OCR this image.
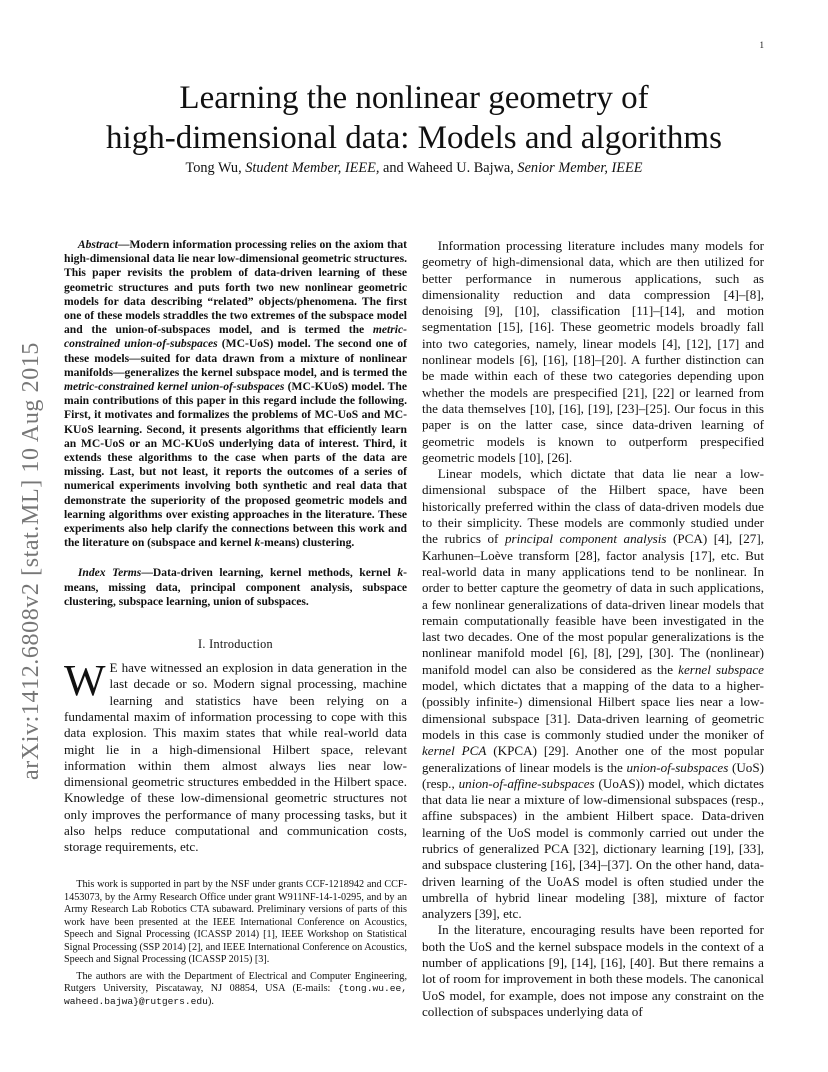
1
arXiv:1412.6808v2 [stat.ML] 10 Aug 2015
Learning the nonlinear geometry of
high-dimensional data: Models and algorithms
Tong Wu, Student Member, IEEE, and Waheed U. Bajwa, Senior Member, IEEE

Abstract—Modern information processing relies on the axiom that high-dimensional data lie near low-dimensional geometric structures. This paper revisits the problem of data-driven learning of these geometric structures and puts forth two new nonlinear geometric models for data describing “related” objects/phenomena. The first one of these models straddles the two extremes of the subspace model and the union-of-subspaces model, and is termed the metric-constrained union-of-subspaces (MC-UoS) model. The second one of these models—suited for data drawn from a mixture of nonlinear manifolds—generalizes the kernel subspace model, and is termed the metric-constrained kernel union-of-subspaces (MC-KUoS) model. The main contributions of this paper in this regard include the following. First, it motivates and formalizes the problems of MC-UoS and MC-KUoS learning. Second, it presents algorithms that efficiently learn an MC-UoS or an MC-KUoS underlying data of interest. Third, it extends these algorithms to the case when parts of the data are missing. Last, but not least, it reports the outcomes of a series of numerical experiments involving both synthetic and real data that demonstrate the superiority of the proposed geometric models and learning algorithms over existing approaches in the literature. These experiments also help clarify the connections between this work and the literature on (subspace and kernel k-means) clustering.

Index Terms—Data-driven learning, kernel methods, kernel k-means, missing data, principal component analysis, subspace clustering, subspace learning, union of subspaces.

I. Introduction

W E have witnessed an explosion in data generation in the last decade or so. Modern signal processing, machine learning and statistics have been relying on a fundamental maxim of information processing to cope with this data explosion. This maxim states that while real-world data might lie in a high-dimensional Hilbert space, relevant information within them almost always lies near low-dimensional geometric structures embedded in the Hilbert space. Knowledge of these low-dimensional geometric structures not only improves the performance of many processing tasks, but it also helps reduce computational and communication costs, storage requirements, etc.

This work is supported in part by the NSF under grants CCF-1218942 and CCF-1453073, by the Army Research Office under grant W911NF-14-1-0295, and by an Army Research Lab Robotics CTA subaward. Preliminary versions of parts of this work have been presented at the IEEE International Conference on Acoustics, Speech and Signal Processing (ICASSP 2014) [1], IEEE Workshop on Statistical Signal Processing (SSP 2014) [2], and IEEE International Conference on Acoustics, Speech and Signal Processing (ICASSP 2015) [3].

The authors are with the Department of Electrical and Computer Engineering, Rutgers University, Piscataway, NJ 08854, USA (E-mails: {tong.wu.ee, waheed.bajwa}@rutgers.edu).

Information processing literature includes many models for geometry of high-dimensional data, which are then utilized for better performance in numerous applications, such as dimensionality reduction and data compression [4]–[8], denoising [9], [10], classification [11]–[14], and motion segmentation [15], [16]. These geometric models broadly fall into two categories, namely, linear models [4], [12], [17] and nonlinear models [6], [16], [18]–[20]. A further distinction can be made within each of these two categories depending upon whether the models are prespecified [21], [22] or learned from the data themselves [10], [16], [19], [23]–[25]. Our focus in this paper is on the latter case, since data-driven learning of geometric models is known to outperform prespecified geometric models [10], [26].

Linear models, which dictate that data lie near a low-dimensional subspace of the Hilbert space, have been historically preferred within the class of data-driven models due to their simplicity. These models are commonly studied under the rubrics of principal component analysis (PCA) [4], [27], Karhunen–Loève transform [28], factor analysis [17], etc. But real-world data in many applications tend to be nonlinear. In order to better capture the geometry of data in such applications, a few nonlinear generalizations of data-driven linear models that remain computationally feasible have been investigated in the last two decades. One of the most popular generalizations is the nonlinear manifold model [6], [8], [29], [30]. The (nonlinear) manifold model can also be considered as the kernel subspace model, which dictates that a mapping of the data to a higher- (possibly infinite-) dimensional Hilbert space lies near a low-dimensional subspace [31]. Data-driven learning of geometric models in this case is commonly studied under the moniker of kernel PCA (KPCA) [29]. Another one of the most popular generalizations of linear models is the union-of-subspaces (UoS) (resp., union-of-affine-subspaces (UoAS)) model, which dictates that data lie near a mixture of low-dimensional subspaces (resp., affine subspaces) in the ambient Hilbert space. Data-driven learning of the UoS model is commonly carried out under the rubrics of generalized PCA [32], dictionary learning [19], [33], and subspace clustering [16], [34]–[37]. On the other hand, data-driven learning of the UoAS model is often studied under the umbrella of hybrid linear modeling [38], mixture of factor analyzers [39], etc.

In the literature, encouraging results have been reported for both the UoS and the kernel subspace models in the context of a number of applications [9], [14], [16], [40]. But there remains a lot of room for improvement in both these models. The canonical UoS model, for example, does not impose any constraint on the collection of subspaces underlying data of
